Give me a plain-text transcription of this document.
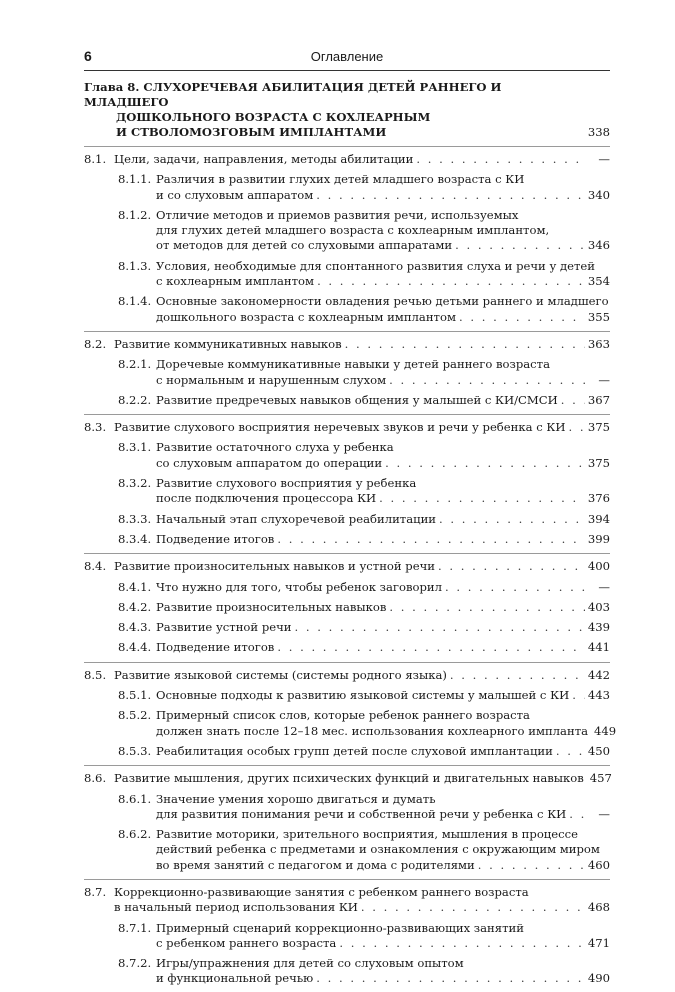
6	Оглавление
Глава 8. СЛУХОРЕЧЕВАЯ АБИЛИТАЦИЯ ДЕТЕЙ РАННЕГО И МЛАДШЕГО
ДОШКОЛЬНОГО ВОЗРАСТА С КОХЛЕАРНЫМ
И СТВОЛОМОЗГОВЫМ ИМПЛАНТАМИ	338
8.1. Цели, задачи, направления, методы абилитации . . .	—
8.1.1. Различия в развитии глухих детей младшего возраста с КИ
и со слуховым аппаратом . . .	340
8.1.2. Отличие методов и приемов развития речи, используемых
для глухих детей младшего возраста с кохлеарным имплантом,
от методов для детей со слуховыми аппаратами . . .	346
8.1.3. Условия, необходимые для спонтанного развития слуха и речи у детей
с кохлеарным имплантом . . .	354
8.1.4. Основные закономерности овладения речью детьми раннего и младшего
дошкольного возраста с кохлеарным имплантом . . .	355
8.2. Развитие коммуникативных навыков . . .	363
8.2.1. Доречевые коммуникативные навыки у детей раннего возраста
с нормальным и нарушенным слухом . . .	—
8.2.2. Развитие предречевых навыков общения у малышей с КИ/СМСИ . . .	367
8.3. Развитие слухового восприятия неречевых звуков и речи у ребенка с КИ . . . 375
8.3.1. Развитие остаточного слуха у ребенка
со слуховым аппаратом до операции . . .	375
8.3.2. Развитие слухового восприятия у ребенка
после подключения процессора КИ . . .	376
8.3.3. Начальный этап слухоречевой реабилитации . . .	394
8.3.4. Подведение итогов . . .	399
8.4. Развитие произносительных навыков и устной речи . . .	400
8.4.1. Что нужно для того, чтобы ребенок заговорил . . .	—
8.4.2. Развитие произносительных навыков . . .	403
8.4.3. Развитие устной речи . . .	439
8.4.4. Подведение итогов . . .	441
8.5. Развитие языковой системы (системы родного языка) . . .	442
8.5.1. Основные подходы к развитию языковой системы у малышей с КИ . . . 443
8.5.2. Примерный список слов, которые ребенок раннего возраста
должен знать после 12–18 мес. использования кохлеарного импланта 449
8.5.3. Реабилитация особых групп детей после слуховой имплантации . . .	450
8.6. Развитие мышления, других психических функций и двигательных навыков 457
8.6.1. Значение умения хорошо двигаться и думать
для развития понимания речи и собственной речи у ребенка с КИ . . .	—
8.6.2. Развитие моторики, зрительного восприятия, мышления в процессе
действий ребенка с предметами и ознакомления с окружающим миром
во время занятий с педагогом и дома с родителями . . .	460
8.7. Коррекционно-развивающие занятия с ребенком раннего возраста
в начальный период использования КИ . . .	468
8.7.1. Примерный сценарий коррекционно-развивающих занятий
с ребенком раннего возраста . . .	471
8.7.2. Игры/упражнения для детей со слуховым опытом
и функциональной речью . . .	490
